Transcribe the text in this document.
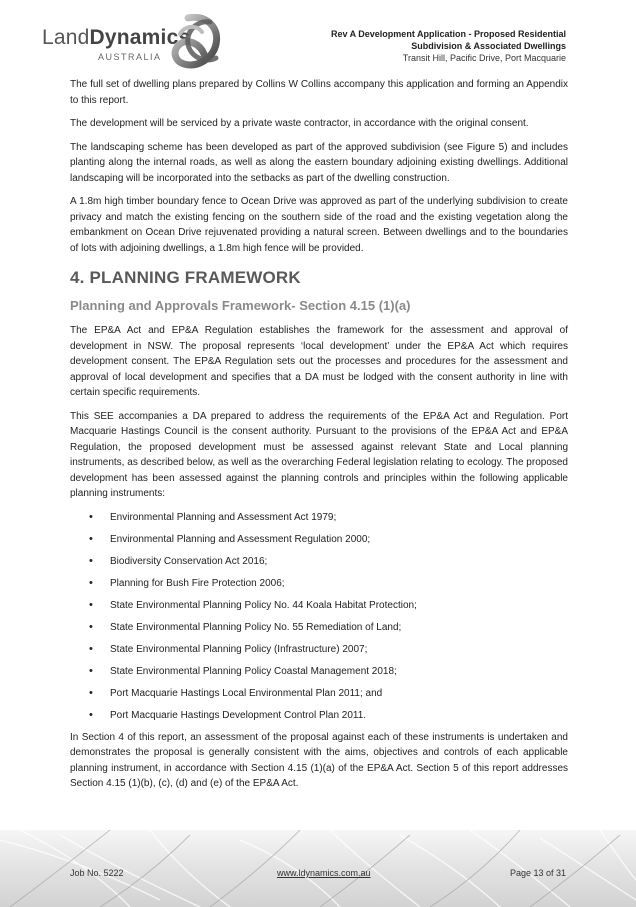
LandDynamics
AUSTRALIA
Rev A Development Application - Proposed Residential
Subdivision & Associated Dwellings
Transit Hill, Pacific Drive, Port Macquarie

The full set of dwelling plans prepared by Collins W Collins accompany this application and forming an Appendix to this report.

The development will be serviced by a private waste contractor, in accordance with the original consent.

The landscaping scheme has been developed as part of the approved subdivision (see Figure 5) and includes planting along the internal roads, as well as along the eastern boundary adjoining existing dwellings. Additional landscaping will be incorporated into the setbacks as part of the dwelling construction.

A 1.8m high timber boundary fence to Ocean Drive was approved as part of the underlying subdivision to create privacy and match the existing fencing on the southern side of the road and the existing vegetation along the embankment on Ocean Drive rejuvenated providing a natural screen. Between dwellings and to the boundaries of lots with adjoining dwellings, a 1.8m high fence will be provided.

4. PLANNING FRAMEWORK
Planning and Approvals Framework- Section 4.15 (1)(a)

The EP&A Act and EP&A Regulation establishes the framework for the assessment and approval of development in NSW. The proposal represents ‘local development’ under the EP&A Act which requires development consent. The EP&A Regulation sets out the processes and procedures for the assessment and approval of local development and specifies that a DA must be lodged with the consent authority in line with certain specific requirements.

This SEE accompanies a DA prepared to address the requirements of the EP&A Act and Regulation. Port Macquarie Hastings Council is the consent authority. Pursuant to the provisions of the EP&A Act and EP&A Regulation, the proposed development must be assessed against relevant State and Local planning instruments, as described below, as well as the overarching Federal legislation relating to ecology. The proposed development has been assessed against the planning controls and principles within the following applicable planning instruments:

• Environmental Planning and Assessment Act 1979;
• Environmental Planning and Assessment Regulation 2000;
• Biodiversity Conservation Act 2016;
• Planning for Bush Fire Protection 2006;
• State Environmental Planning Policy No. 44 Koala Habitat Protection;
• State Environmental Planning Policy No. 55 Remediation of Land;
• State Environmental Planning Policy (Infrastructure) 2007;
• State Environmental Planning Policy Coastal Management 2018;
• Port Macquarie Hastings Local Environmental Plan 2011; and
• Port Macquarie Hastings Development Control Plan 2011.

In Section 4 of this report, an assessment of the proposal against each of these instruments is undertaken and demonstrates the proposal is generally consistent with the aims, objectives and controls of each applicable planning instrument, in accordance with Section 4.15 (1)(a) of the EP&A Act. Section 5 of this report addresses Section 4.15 (1)(b), (c), (d) and (e) of the EP&A Act.

Job No. 5222	www.ldynamics.com.au	Page 13 of 31
